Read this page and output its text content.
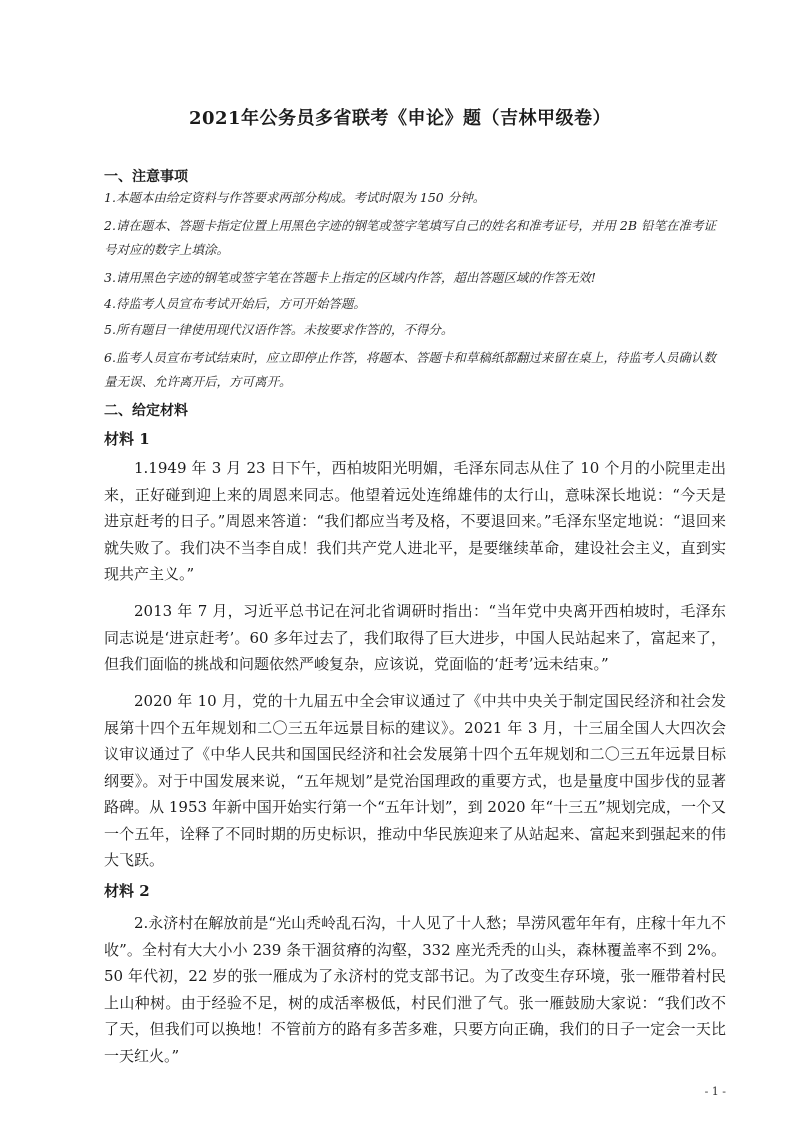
2021年公务员多省联考《申论》题（吉林甲级卷）
一、注意事项
1.本题本由给定资料与作答要求两部分构成。考试时限为 150 分钟。
2.请在题本、答题卡指定位置上用黑色字迹的钢笔或签字笔填写自己的姓名和准考证号，并用 2B 铅笔在准考证号对应的数字上填涂。
3.请用黑色字迹的钢笔或签字笔在答题卡上指定的区域内作答，超出答题区域的作答无效!
4.待监考人员宣布考试开始后，方可开始答题。
5.所有题目一律使用现代汉语作答。未按要求作答的，不得分。
6.监考人员宣布考试结束时，应立即停止作答，将题本、答题卡和草稿纸都翻过来留在桌上，待监考人员确认数量无误、允许离开后，方可离开。
二、给定材料
材料 1
1.1949 年 3 月 23 日下午，西柏坡阳光明媚，毛泽东同志从住了 10 个月的小院里走出来，正好碰到迎上来的周恩来同志。他望着远处连绵雄伟的太行山，意味深长地说：“今天是进京赶考的日子。”周恩来答道：“我们都应当考及格，不要退回来。”毛泽东坚定地说：“退回来就失败了。我们决不当李自成！我们共产党人进北平，是要继续革命，建设社会主义，直到实现共产主义。”
2013 年 7 月，习近平总书记在河北省调研时指出：“当年党中央离开西柏坡时，毛泽东同志说是‘进京赶考’。60 多年过去了，我们取得了巨大进步，中国人民站起来了，富起来了，但我们面临的挑战和问题依然严峻复杂，应该说，党面临的‘赶考’远未结束。”
2020 年 10 月，党的十九届五中全会审议通过了《中共中央关于制定国民经济和社会发展第十四个五年规划和二〇三五年远景目标的建议》。2021 年 3 月，十三届全国人大四次会议审议通过了《中华人民共和国国民经济和社会发展第十四个五年规划和二〇三五年远景目标纲要》。对于中国发展来说，“五年规划”是党治国理政的重要方式，也是量度中国步伐的显著路碑。从 1953 年新中国开始实行第一个“五年计划”，到 2020 年“十三五”规划完成，一个又一个五年，诠释了不同时期的历史标识，推动中华民族迎来了从站起来、富起来到强起来的伟大飞跃。
材料 2
2.永济村在解放前是“光山秃岭乱石沟，十人见了十人愁；旱涝风雹年年有，庄稼十年九不收”。全村有大大小小 239 条干涸贫瘠的沟壑，332 座光秃秃的山头，森林覆盖率不到 2%。50 年代初，22 岁的张一雁成为了永济村的党支部书记。为了改变生存环境，张一雁带着村民上山种树。由于经验不足，树的成活率极低，村民们泄了气。张一雁鼓励大家说：“我们改不了天，但我们可以换地！不管前方的路有多苦多难，只要方向正确，我们的日子一定会一天比一天红火。”
- 1 -
